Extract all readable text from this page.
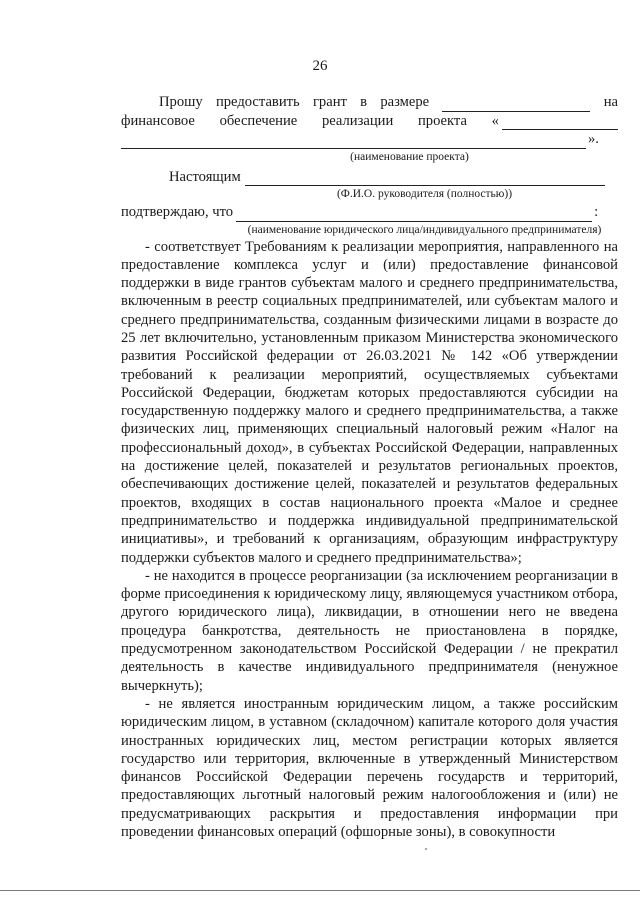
26
Прошу предоставить грант в размере	на
финансовое обеспечение реализации проекта «
».
(наименование проекта)
Настоящим
(Ф.И.О. руководителя (полностью))
подтверждаю, что	:
(наименование юридического лица/индивидуального предпринимателя)

- соответствует Требованиям к реализации мероприятия, направленного на предоставление комплекса услуг и (или) предоставление финансовой поддержки в виде грантов субъектам малого и среднего предпринимательства, включенным в реестр социальных предпринимателей, или субъектам малого и среднего предпринимательства, созданным физическими лицами в возрасте до 25 лет включительно, установленным приказом Министерства экономического развития Российской федерации от 26.03.2021 № 142 «Об утверждении требований к реализации мероприятий, осуществляемых субъектами Российской Федерации, бюджетам которых предоставляются субсидии на государственную поддержку малого и среднего предпринимательства, а также физических лиц, применяющих специальный налоговый режим «Налог на профессиональный доход», в субъектах Российской Федерации, направленных на достижение целей, показателей и результатов региональных проектов, обеспечивающих достижение целей, показателей и результатов федеральных проектов, входящих в состав национального проекта «Малое и среднее предпринимательство и поддержка индивидуальной предпринимательской инициативы», и требований к организациям, образующим инфраструктуру поддержки субъектов малого и среднего предпринимательства»;

- не находится в процессе реорганизации (за исключением реорганизации в форме присоединения к юридическому лицу, являющемуся участником отбора, другого юридического лица), ликвидации, в отношении него не введена процедура банкротства, деятельность не приостановлена в порядке, предусмотренном законодательством Российской Федерации / не прекратил деятельность в качестве индивидуального предпринимателя (ненужное вычеркнуть);

- не является иностранным юридическим лицом, а также российским юридическим лицом, в уставном (складочном) капитале которого доля участия иностранных юридических лиц, местом регистрации которых является государство или территория, включенные в утвержденный Министерством финансов Российской Федерации перечень государств и территорий, предоставляющих льготный налоговый режим налогообложения и (или) не предусматривающих раскрытия и предоставления информации при проведении финансовых операций (офшорные зоны), в совокупности
